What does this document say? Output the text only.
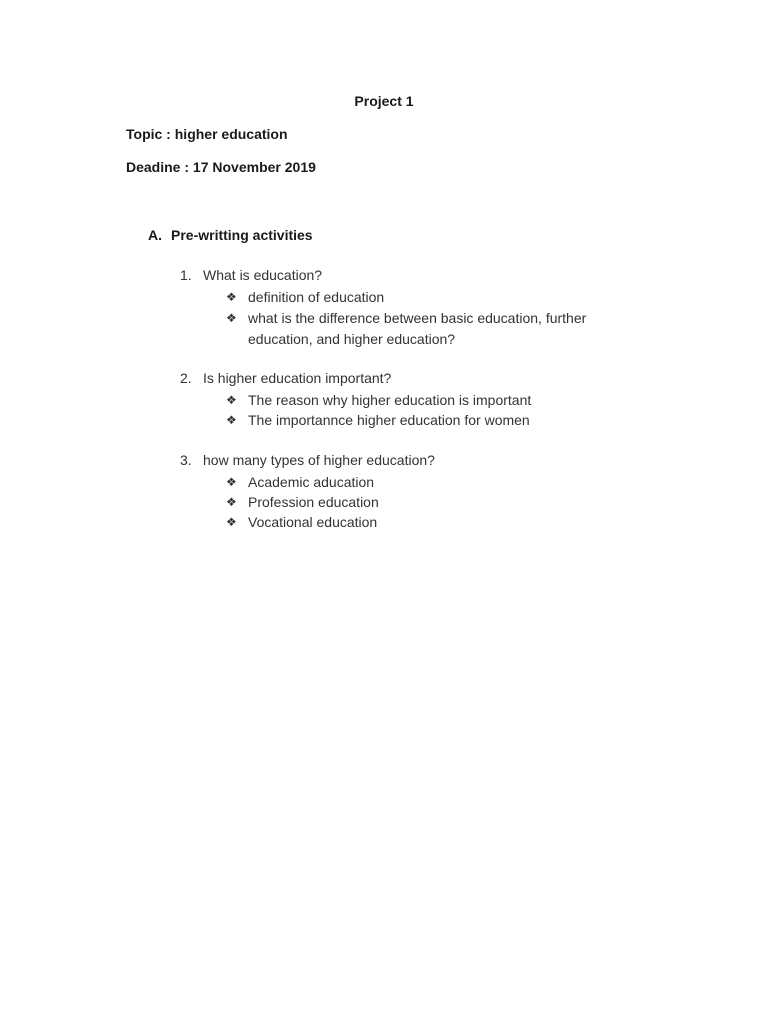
Project 1
Topic : higher education
Deadine : 17 November 2019
A. Pre-writting activities
1. What is education?
❖ definition of education
❖ what is the difference between basic education, further education, and higher education?
2. Is higher education important?
❖ The reason why higher education is important
❖ The importannce higher education for women
3. how many types of higher education?
❖ Academic aducation
❖ Profession education
❖ Vocational education
